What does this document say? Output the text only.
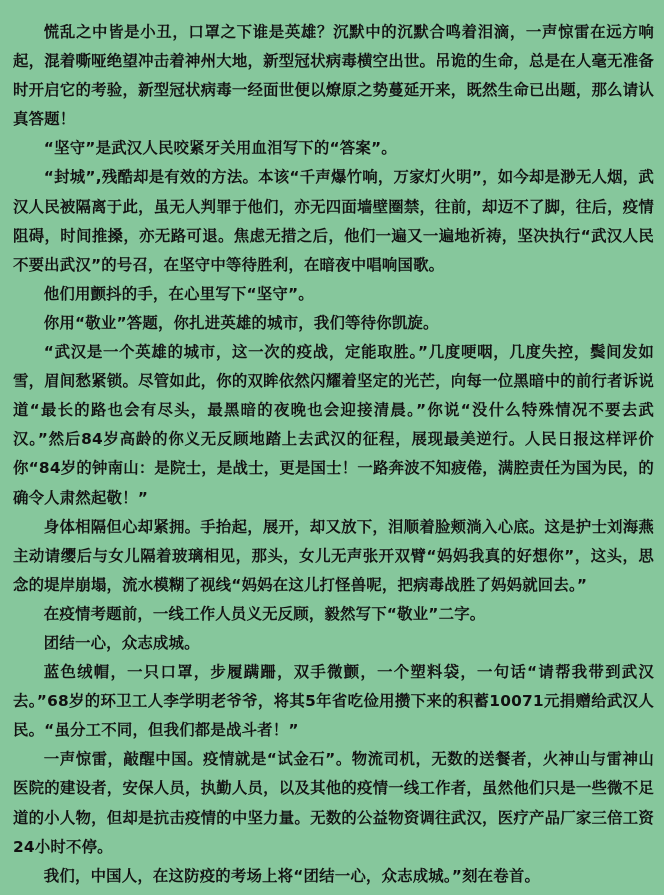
慌乱之中皆是小丑，口罩之下谁是英雄？沉默中的沉默合鸣着泪滴，一声惊雷在远方响起，混着嘶哑绝望冲击着神州大地，新型冠状病毒横空出世。吊诡的生命，总是在人毫无准备时开启它的考验，新型冠状病毒一经面世便以燎原之势蔓延开来，既然生命已出题，那么请认真答题！

“坚守”是武汉人民咬紧牙关用血泪写下的“答案”。

“封城”,残酷却是有效的方法。本该“千声爆竹响，万家灯火明”，如今却是渺无人烟，武汉人民被隔离于此，虽无人判罪于他们，亦无四面墙壁圈禁，往前，却迈不了脚，往后，疫情阻碍，时间推搡，亦无路可退。焦虑无措之后，他们一遍又一遍地祈祷，坚决执行“武汉人民不要出武汉”的号召，在坚守中等待胜利，在暗夜中唱响国歌。

他们用颤抖的手，在心里写下“坚守”。

你用“敬业”答题，你扎进英雄的城市，我们等待你凯旋。

“武汉是一个英雄的城市，这一次的疫战，定能取胜。”几度哽咽，几度失控，鬓间发如雪，眉间愁紧锁。尽管如此，你的双眸依然闪耀着坚定的光芒，向每一位黑暗中的前行者诉说道“最长的路也会有尽头，最黑暗的夜晚也会迎接清晨。”你说“没什么特殊情况不要去武汉。”然后84岁高龄的你义无反顾地踏上去武汉的征程，展现最美逆行。人民日报这样评价你“84岁的钟南山：是院士，是战士，更是国士！一路奔波不知疲倦，满腔责任为国为民，的确令人肃然起敬！”

身体相隔但心却紧拥。手抬起，展开，却又放下，泪顺着脸颊淌入心底。这是护士刘海燕主动请缨后与女儿隔着玻璃相见，那头，女儿无声张开双臂“妈妈我真的好想你”，这头，思念的堤岸崩塌，流水模糊了视线“妈妈在这儿打怪兽呢，把病毒战胜了妈妈就回去。”

在疫情考题前，一线工作人员义无反顾，毅然写下“敬业”二字。

团结一心，众志成城。

蓝色绒帽，一只口罩，步履蹒跚，双手微颤，一个塑料袋，一句话“请帮我带到武汉去。”68岁的环卫工人李学明老爷爷，将其5年省吃俭用攒下来的积蓄10071元捐赠给武汉人民。“虽分工不同，但我们都是战斗者！”

一声惊雷，敲醒中国。疫情就是“试金石”。物流司机，无数的送餐者，火神山与雷神山医院的建设者，安保人员，执勤人员，以及其他的疫情一线工作者，虽然他们只是一些微不足道的小人物，但却是抗击疫情的中坚力量。无数的公益物资调往武汉，医疗产品厂家三倍工资24小时不停。

我们，中国人，在这防疫的考场上将“团结一心，众志成城。”刻在卷首。
